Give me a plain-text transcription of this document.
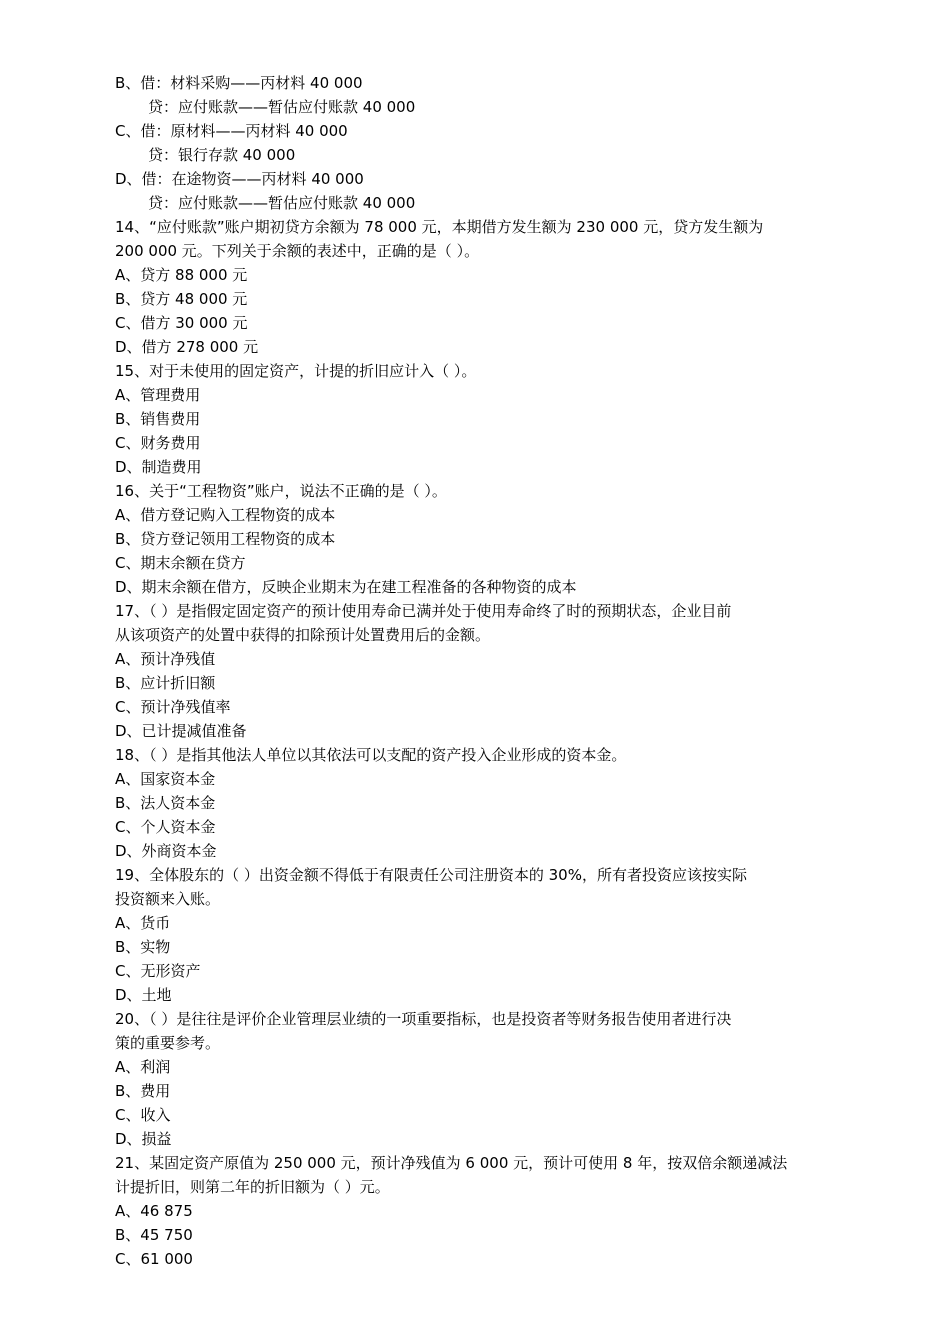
B、借：材料采购——丙材料 40 000
贷：应付账款——暂估应付账款 40 000
C、借：原材料——丙材料 40 000
贷：银行存款 40 000
D、借：在途物资——丙材料 40 000
贷：应付账款——暂估应付账款 40 000
14、“应付账款”账户期初贷方余额为 78 000 元，本期借方发生额为 230 000 元，贷方发生额为
200 000 元。下列关于余额的表述中，正确的是（ ）。
A、贷方 88 000 元
B、贷方 48 000 元
C、借方 30 000 元
D、借方 278 000 元
15、对于未使用的固定资产，计提的折旧应计入（ ）。
A、管理费用
B、销售费用
C、财务费用
D、制造费用
16、关于“工程物资”账户，说法不正确的是（ ）。
A、借方登记购入工程物资的成本
B、贷方登记领用工程物资的成本
C、期末余额在贷方
D、期末余额在借方，反映企业期末为在建工程准备的各种物资的成本
17、（ ）是指假定固定资产的预计使用寿命已满并处于使用寿命终了时的预期状态，企业目前
从该项资产的处置中获得的扣除预计处置费用后的金额。
A、预计净残值
B、应计折旧额
C、预计净残值率
D、已计提减值准备
18、（ ）是指其他法人单位以其依法可以支配的资产投入企业形成的资本金。
A、国家资本金
B、法人资本金
C、个人资本金
D、外商资本金
19、全体股东的（ ）出资金额不得低于有限责任公司注册资本的 30%，所有者投资应该按实际
投资额来入账。
A、货币
B、实物
C、无形资产
D、土地
20、（ ）是往往是评价企业管理层业绩的一项重要指标，也是投资者等财务报告使用者进行决
策的重要参考。
A、利润
B、费用
C、收入
D、损益
21、某固定资产原值为 250 000 元，预计净残值为 6 000 元，预计可使用 8 年，按双倍余额递减法
计提折旧，则第二年的折旧额为（ ）元。
A、46 875
B、45 750
C、61 000
